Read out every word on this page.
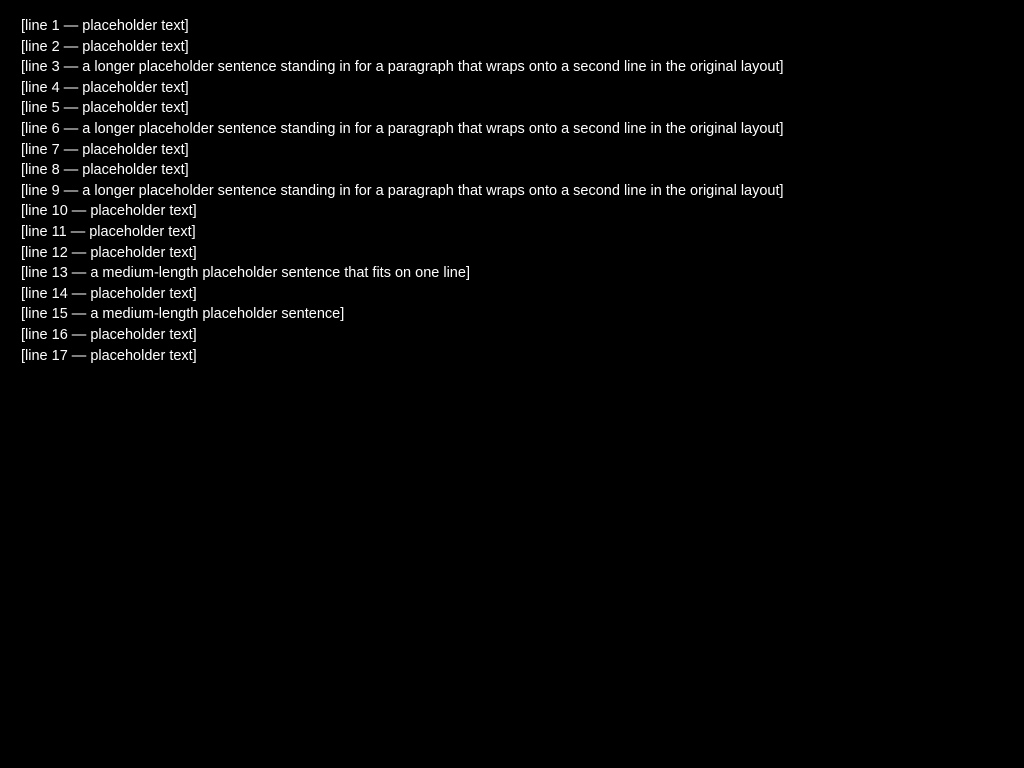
[line 1 — placeholder text]
[line 2 — placeholder text]
[line 3 — a longer placeholder sentence standing in for a paragraph that wraps onto a second line in the original layout]
[line 4 — placeholder text]
[line 5 — placeholder text]
[line 6 — a longer placeholder sentence standing in for a paragraph that wraps onto a second line in the original layout]
[line 7 — placeholder text]
[line 8 — placeholder text]
[line 9 — a longer placeholder sentence standing in for a paragraph that wraps onto a second line in the original layout]
[line 10 — placeholder text]
[line 11 — placeholder text]
[line 12 — placeholder text]
[line 13 — a medium-length placeholder sentence that fits on one line]
[line 14 — placeholder text]
[line 15 — a medium-length placeholder sentence]
[line 16 — placeholder text]
[line 17 — placeholder text]
